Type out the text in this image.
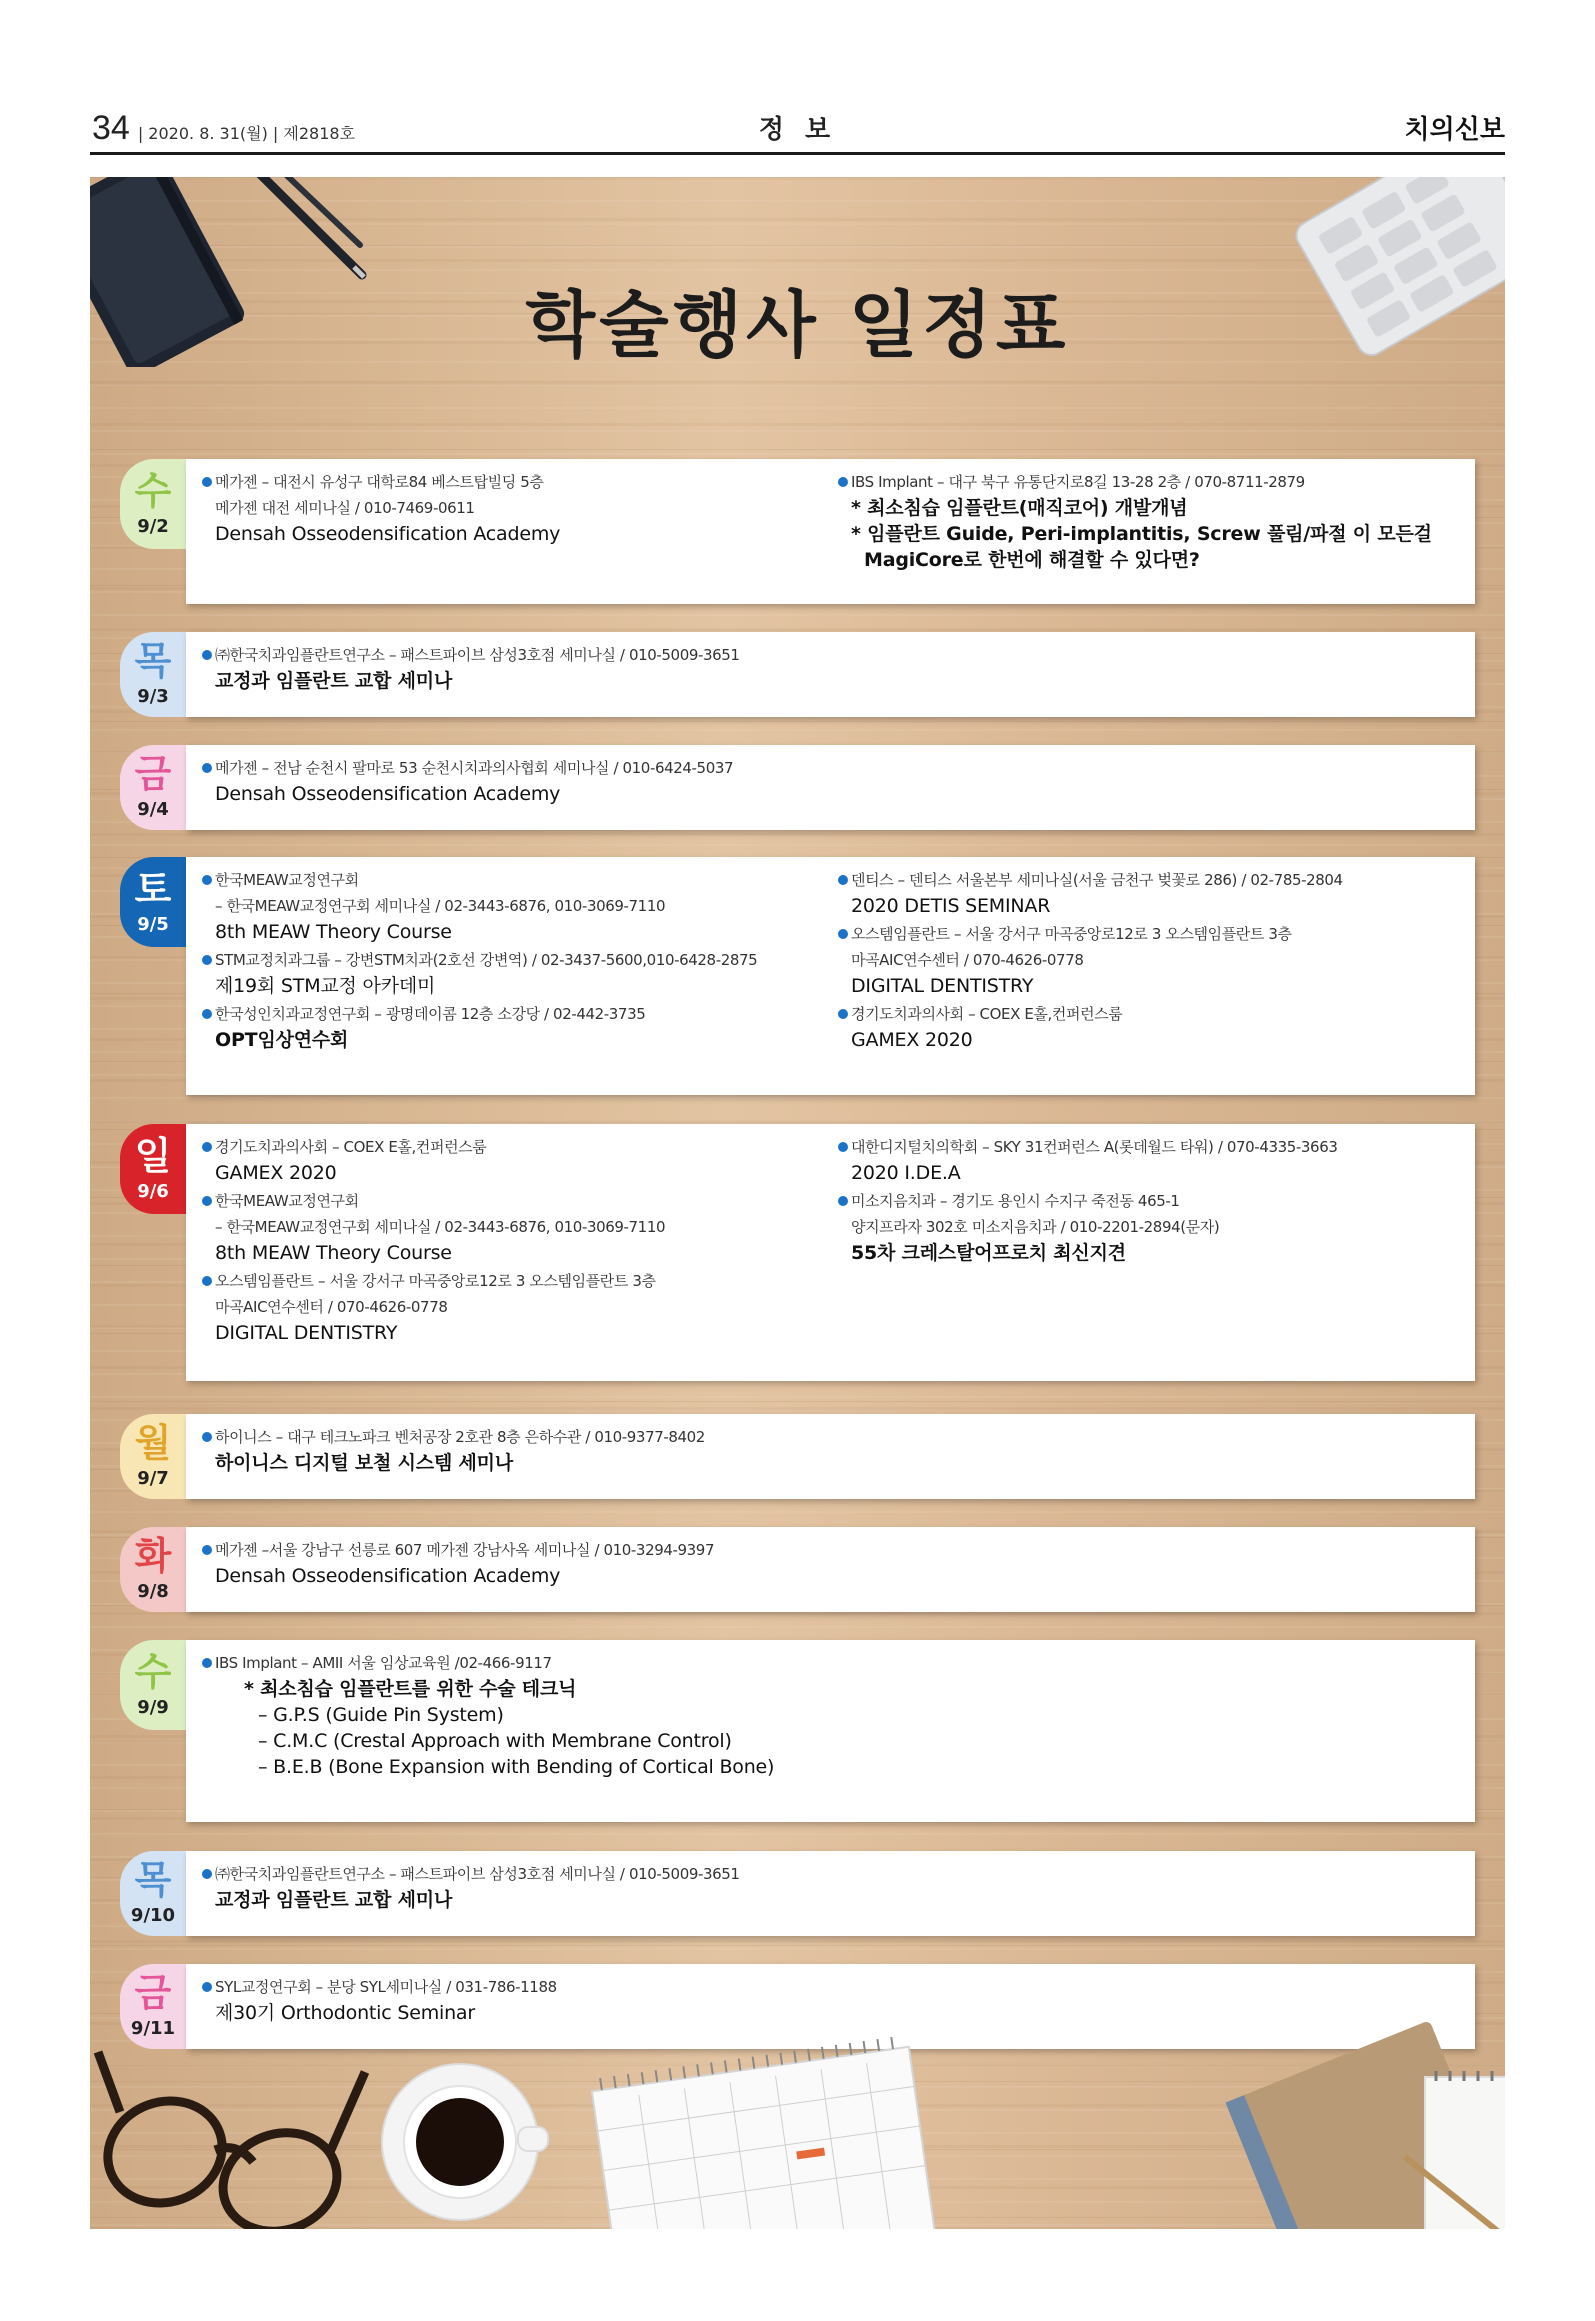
34 | 2020. 8. 31(월) | 제2818호	정 보	치의신보
학술행사 일정표
수
9/2
메가젠 – 대전시 유성구 대학로84 베스트탑빌딩 5층
메가젠 대전 세미나실 / 010-7469-0611
Densah Osseodensification Academy
IBS Implant – 대구 북구 유통단지로8길 13-28 2층 / 070-8711-2879
* 최소침습 임플란트(매직코어) 개발개념
* 임플란트 Guide, Peri-implantitis, Screw 풀림/파절 이 모든걸
MagiCore로 한번에 해결할 수 있다면?
목
9/3
㈜한국치과임플란트연구소 – 패스트파이브 삼성3호점 세미나실 / 010-5009-3651
교정과 임플란트 교합 세미나
금
9/4
메가젠 – 전남 순천시 팔마로 53 순천시치과의사협회 세미나실 / 010-6424-5037
Densah Osseodensification Academy
토
9/5
한국MEAW교정연구회
– 한국MEAW교정연구회 세미나실 / 02-3443-6876, 010-3069-7110
8th MEAW Theory Course
STM교정치과그룹 – 강변STM치과(2호선 강변역) / 02-3437-5600,010-6428-2875
제19회 STM교정 아카데미
한국성인치과교정연구회 – 광명데이콤 12층 소강당 / 02-442-3735
OPT임상연수회
덴티스 – 덴티스 서울본부 세미나실(서울 금천구 벚꽃로 286) / 02-785-2804
2020 DETIS SEMINAR
오스템임플란트 – 서울 강서구 마곡중앙로12로 3 오스템임플란트 3층
마곡AIC연수센터 / 070-4626-0778
DIGITAL DENTISTRY
경기도치과의사회 – COEX E홀,컨퍼런스룸
GAMEX 2020
일
9/6
경기도치과의사회 – COEX E홀,컨퍼런스룸
GAMEX 2020
한국MEAW교정연구회
– 한국MEAW교정연구회 세미나실 / 02-3443-6876, 010-3069-7110
8th MEAW Theory Course
오스템임플란트 – 서울 강서구 마곡중앙로12로 3 오스템임플란트 3층
마곡AIC연수센터 / 070-4626-0778
DIGITAL DENTISTRY
대한디지털치의학회 – SKY 31컨퍼런스 A(롯데월드 타워) / 070-4335-3663
2020 I.DE.A
미소지음치과 – 경기도 용인시 수지구 죽전동 465-1
양지프라자 302호 미소지음치과 / 010-2201-2894(문자)
55차 크레스탈어프로치 최신지견
월
9/7
하이니스 – 대구 테크노파크 벤처공장 2호관 8층 은하수관 / 010-9377-8402
하이니스 디지털 보철 시스템 세미나
화
9/8
메가젠 –서울 강남구 선릉로 607 메가젠 강남사옥 세미나실 / 010-3294-9397
Densah Osseodensification Academy
수
9/9
IBS Implant – AMII 서울 임상교육원 /02-466-9117
* 최소침습 임플란트를 위한 수술 테크닉
– G.P.S (Guide Pin System)
– C.M.C (Crestal Approach with Membrane Control)
– B.E.B (Bone Expansion with Bending of Cortical Bone)
목
9/10
㈜한국치과임플란트연구소 – 패스트파이브 삼성3호점 세미나실 / 010-5009-3651
교정과 임플란트 교합 세미나
금
9/11
SYL교정연구회 – 분당 SYL세미나실 / 031-786-1188
제30기 Orthodontic Seminar
